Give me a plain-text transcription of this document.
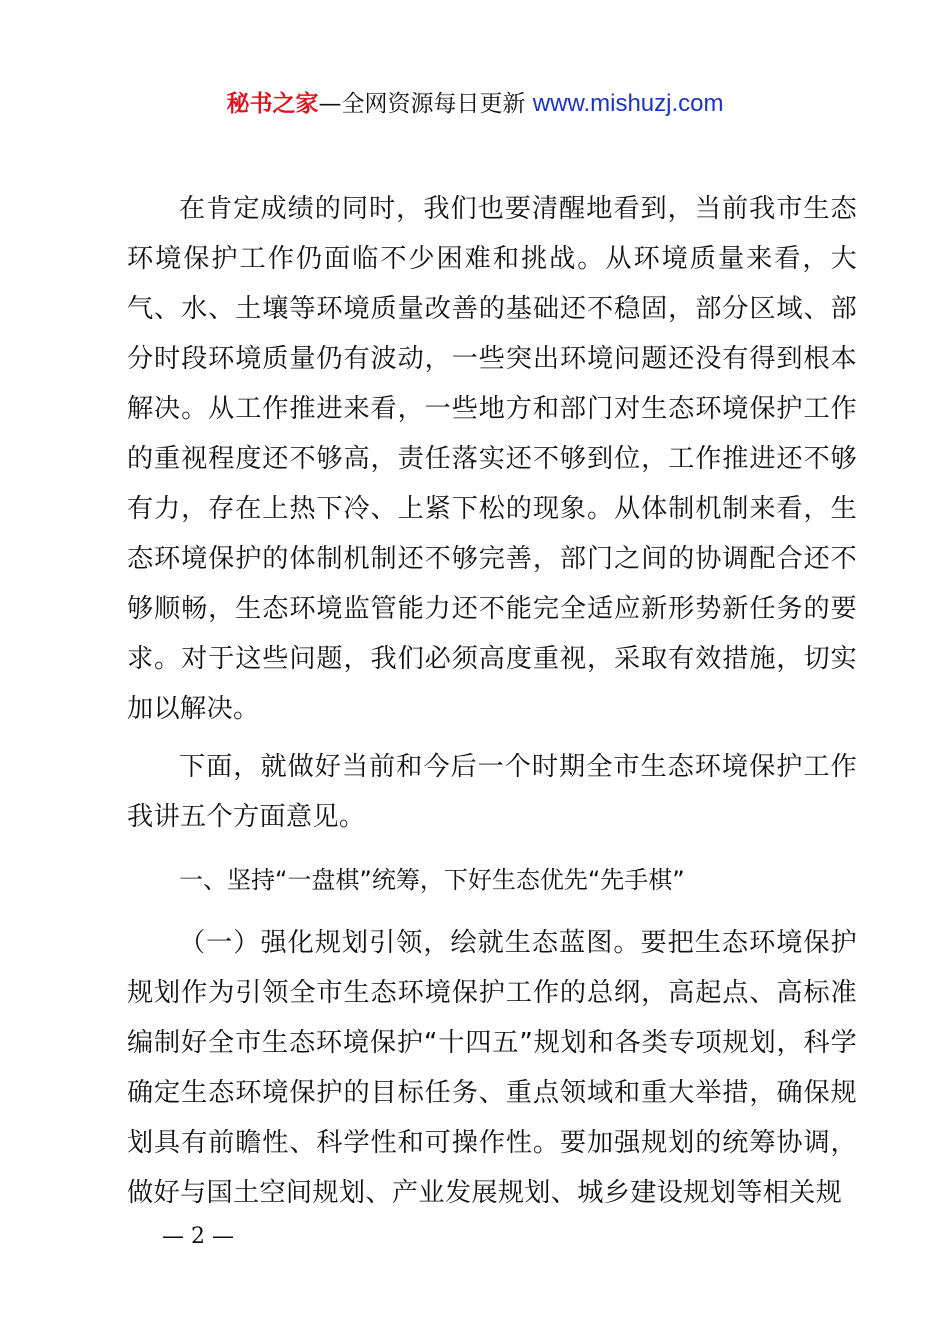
秘书之家—全网资源每日更新 www.mishuzj.com

在肯定成绩的同时，我们也要清醒地看到，当前我市生态环境保护工作仍面临不少困难和挑战。从环境质量来看，大气、水、土壤等环境质量改善的基础还不稳固，部分区域、部分时段环境质量仍有波动，一些突出环境问题还没有得到根本解决。从工作推进来看，一些地方和部门对生态环境保护工作的重视程度还不够高，责任落实还不够到位，工作推进还不够有力，存在上热下冷、上紧下松的现象。从体制机制来看，生态环境保护的体制机制还不够完善，部门之间的协调配合还不够顺畅，生态环境监管能力还不能完全适应新形势新任务的要求。对于这些问题，我们必须高度重视，采取有效措施，切实加以解决。

下面，就做好当前和今后一个时期全市生态环境保护工作我讲五个方面意见。

一、坚持“一盘棋”统筹，下好生态优先“先手棋”

（一）强化规划引领，绘就生态蓝图。要把生态环境保护规划作为引领全市生态环境保护工作的总纲，高起点、高标准编制好全市生态环境保护“十四五”规划和各类专项规划，科学确定生态环境保护的目标任务、重点领域和重大举措，确保规划具有前瞻性、科学性和可操作性。要加强规划的统筹协调，做好与国土空间规划、产业发展规划、城乡建设规划等相关规

— 2 —
